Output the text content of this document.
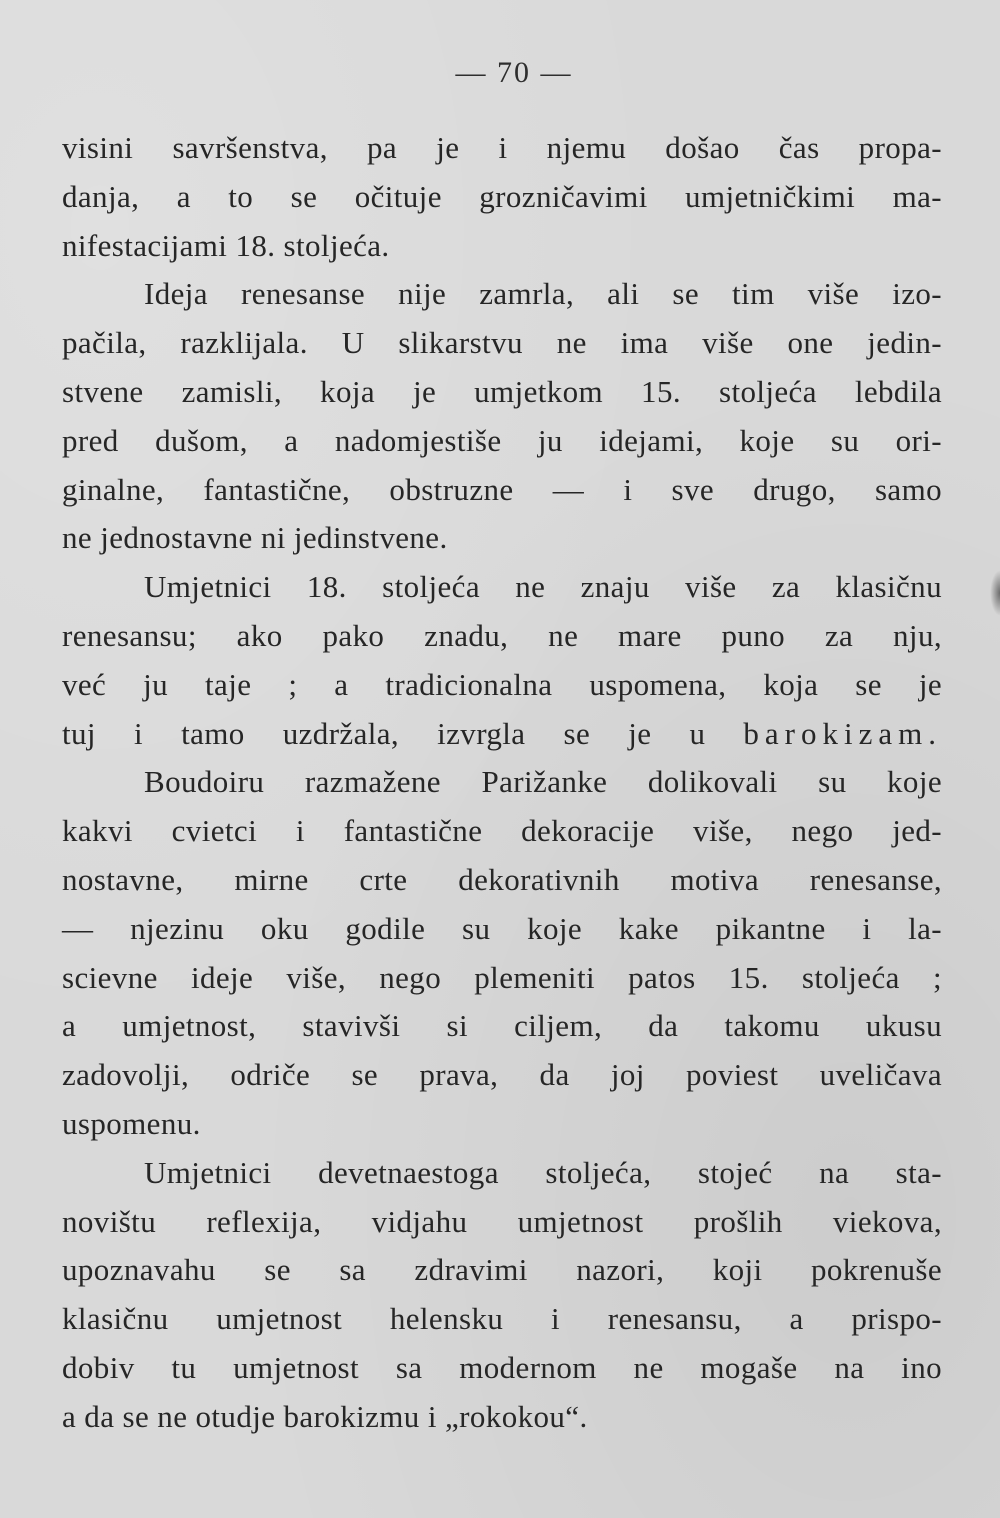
— 70 —
visini savršenstva, pa je i njemu došao čas propa-
danja, a to se očituje grozničavimi umjetničkimi ma-
nifestacijami 18. stoljeća.
Ideja renesanse nije zamrla, ali se tim više izo-
pačila, razklijala. U slikarstvu ne ima više one jedin-
stvene zamisli, koja je umjetkom 15. stoljeća lebdila
pred dušom, a nadomjestiše ju idejami, koje su ori-
ginalne, fantastične, obstruzne — i sve drugo, samo
ne jednostavne ni jedinstvene.
Umjetnici 18. stoljeća ne znaju više za klasičnu
renesansu; ako pako znadu, ne mare puno za nju,
već ju taje ; a tradicionalna uspomena, koja se je
tuj i tamo uzdržala, izvrgla se je u barokizam.
Boudoiru razmažene Parižanke dolikovali su koje
kakvi cvietci i fantastične dekoracije više, nego jed-
nostavne, mirne crte dekorativnih motiva renesanse,
— njezinu oku godile su koje kake pikantne i la-
scievne ideje više, nego plemeniti patos 15. stoljeća ;
a umjetnost, stavivši si ciljem, da takomu ukusu
zadovolji, odriče se prava, da joj poviest uveličava
uspomenu.
Umjetnici devetnaestoga stoljeća, stojeć na sta-
novištu reflexija, vidjahu umjetnost prošlih viekova,
upoznavahu se sa zdravimi nazori, koji pokrenuše
klasičnu umjetnost helensku i renesansu, a prispo-
dobiv tu umjetnost sa modernom ne mogaše na ino
a da se ne otudje barokizmu i „rokokou“.
